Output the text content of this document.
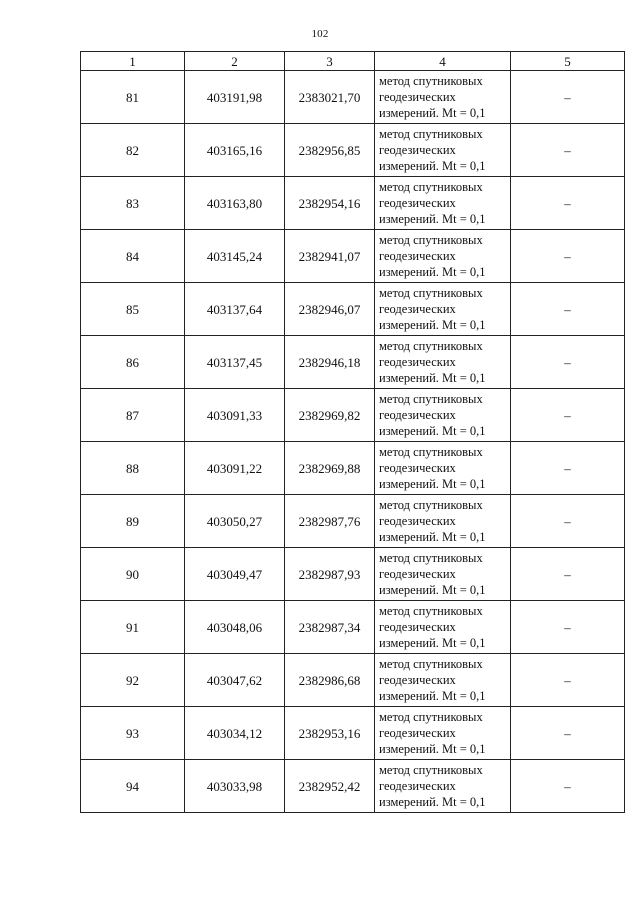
102
1	2	3	4	5
81	403191,98	2383021,70	метод спутниковых геодезических измерений. Mt = 0,1	–
82	403165,16	2382956,85	метод спутниковых геодезических измерений. Mt = 0,1	–
83	403163,80	2382954,16	метод спутниковых геодезических измерений. Mt = 0,1	–
84	403145,24	2382941,07	метод спутниковых геодезических измерений. Mt = 0,1	–
85	403137,64	2382946,07	метод спутниковых геодезических измерений. Mt = 0,1	–
86	403137,45	2382946,18	метод спутниковых геодезических измерений. Mt = 0,1	–
87	403091,33	2382969,82	метод спутниковых геодезических измерений. Mt = 0,1	–
88	403091,22	2382969,88	метод спутниковых геодезических измерений. Mt = 0,1	–
89	403050,27	2382987,76	метод спутниковых геодезических измерений. Mt = 0,1	–
90	403049,47	2382987,93	метод спутниковых геодезических измерений. Mt = 0,1	–
91	403048,06	2382987,34	метод спутниковых геодезических измерений. Mt = 0,1	–
92	403047,62	2382986,68	метод спутниковых геодезических измерений. Mt = 0,1	–
93	403034,12	2382953,16	метод спутниковых геодезических измерений. Mt = 0,1	–
94	403033,98	2382952,42	метод спутниковых геодезических измерений. Mt = 0,1	–
